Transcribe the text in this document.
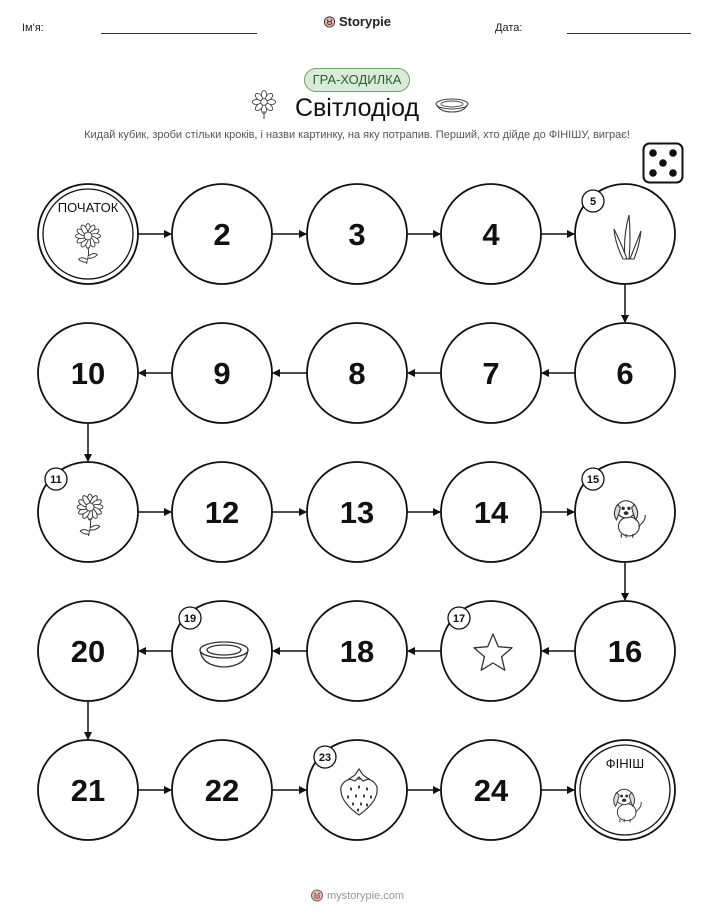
Ім'я:	Storypie	Дата:
ГРА-ХОДИЛКА
Світлодіод
Кидай кубик, зроби стільки кроків, і назви картинку, на яку потрапив. Перший, хто дійде до ФІНІШУ, виграє!
ПОЧАТОК
2	3	4
5
6
7
8
9
10
11
12	13	14
15
16
17
18
19
20
21	22
23
24
ФІНІШ
mystorypie.com
